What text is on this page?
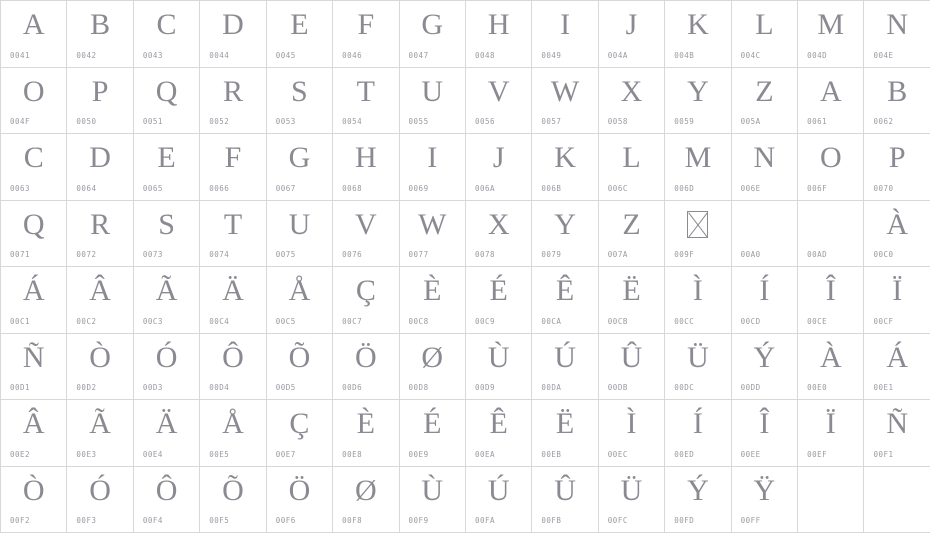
A
0041
B
0042
C
0043
D
0044
E
0045
F
0046
G
0047
H
0048
I
0049
J
004A
K
004B
L
004C
M
004D
N
004E
O
004F
P
0050
Q
0051
R
0052
S
0053
T
0054
U
0055
V
0056
W
0057
X
0058
Y
0059
Z
005A
A
0061
B
0062
C
0063
D
0064
E
0065
F
0066
G
0067
H
0068
I
0069
J
006A
K
006B
L
006C
M
006D
N
006E
O
006F
P
0070
Q
0071
R
0072
S
0073
T
0074
U
0075
V
0076
W
0077
X
0078
Y
0079
Z
007A	009F	00A0	00AD
À
00C0
Á
00C1
Â
00C2
Ã
00C3
Ä
00C4
Å
00C5
Ç
00C7
È
00C8
É
00C9
Ê
00CA
Ë
00CB
Ì
00CC
Í
00CD
Î
00CE
Ï
00CF
Ñ
00D1
Ò
00D2
Ó
00D3
Ô
00D4
Õ
00D5
Ö
00D6
Ø
00D8
Ù
00D9
Ú
00DA
Û
00DB
Ü
00DC
Ý
00DD
À
00E0
Á
00E1
Â
00E2
Ã
00E3
Ä
00E4
Å
00E5
Ç
00E7
È
00E8
É
00E9
Ê
00EA
Ë
00EB
Ì
00EC
Í
00ED
Î
00EE
Ï
00EF
Ñ
00F1
Ò
00F2
Ó
00F3
Ô
00F4
Õ
00F5
Ö
00F6
Ø
00F8
Ù
00F9
Ú
00FA
Û
00FB
Ü
00FC
Ý
00FD
Ÿ
00FF
